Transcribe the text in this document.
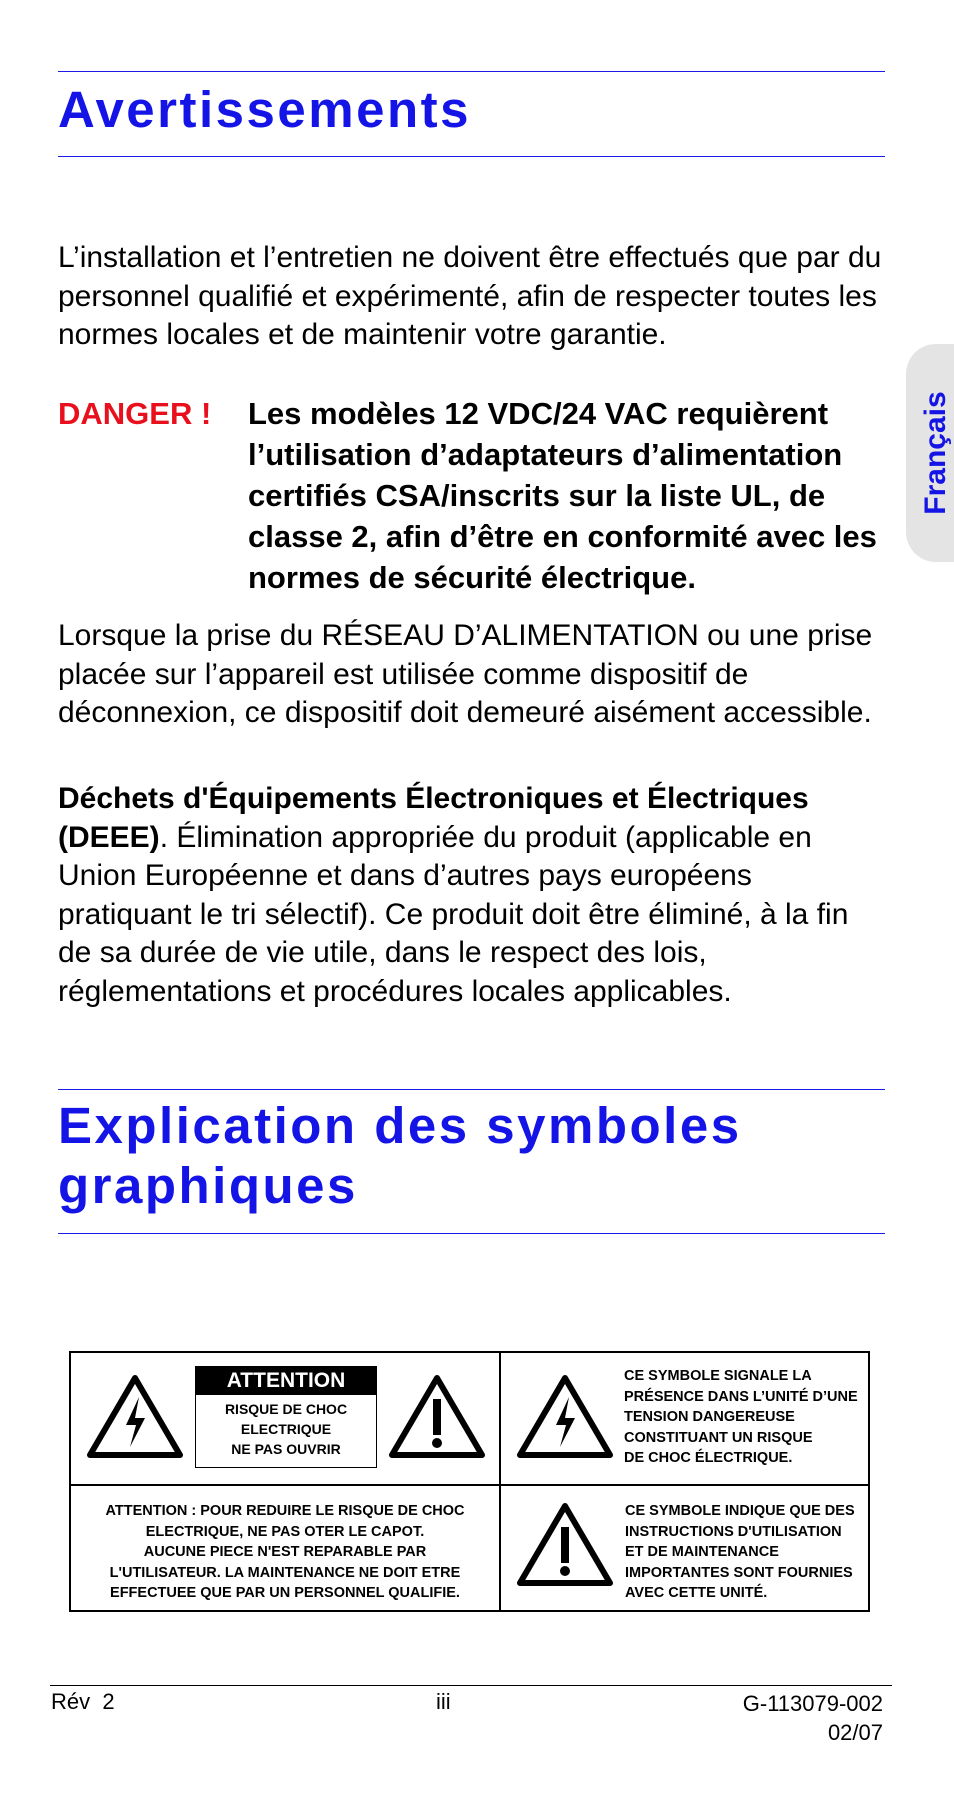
Avertissements

L’installation et l’entretien ne doivent être effectués que par du personnel qualifié et expérimenté, afin de respecter toutes les normes locales et de maintenir votre garantie.

DANGER ! Les modèles 12 VDC/24 VAC requièrent l’utilisation d’adaptateurs d’alimentation certifiés CSA/inscrits sur la liste UL, de classe 2, afin d’être en conformité avec les normes de sécurité électrique.

Lorsque la prise du RÉSEAU D’ALIMENTATION ou une prise placée sur l’appareil est utilisée comme dispositif de déconnexion, ce dispositif doit demeuré aisément accessible.

Déchets d'Équipements Électroniques et Électriques (DEEE). Élimination appropriée du produit (applicable en Union Européenne et dans d’autres pays européens pratiquant le tri sélectif). Ce produit doit être éliminé, à la fin de sa durée de vie utile, dans le respect des lois, réglementations et procédures locales applicables.

Explication des symboles
graphiques
Français
ATTENTION
RISQUE DE CHOC
ELECTRIQUE
NE PAS OUVRIR
CE SYMBOLE SIGNALE LA
PRÉSENCE DANS L’UNITÉ D’UNE
TENSION DANGEREUSE
CONSTITUANT UN RISQUE
DE CHOC ÉLECTRIQUE.
ATTENTION : POUR REDUIRE LE RISQUE DE CHOC
ELECTRIQUE, NE PAS OTER LE CAPOT.
AUCUNE PIECE N'EST REPARABLE PAR
L'UTILISATEUR. LA MAINTENANCE NE DOIT ETRE
EFFECTUEE QUE PAR UN PERSONNEL QUALIFIE.
CE SYMBOLE INDIQUE QUE DES
INSTRUCTIONS D'UTILISATION
ET DE MAINTENANCE
IMPORTANTES SONT FOURNIES
AVEC CETTE UNITÉ.
Rév  2	iii	G-113079-002
02/07
